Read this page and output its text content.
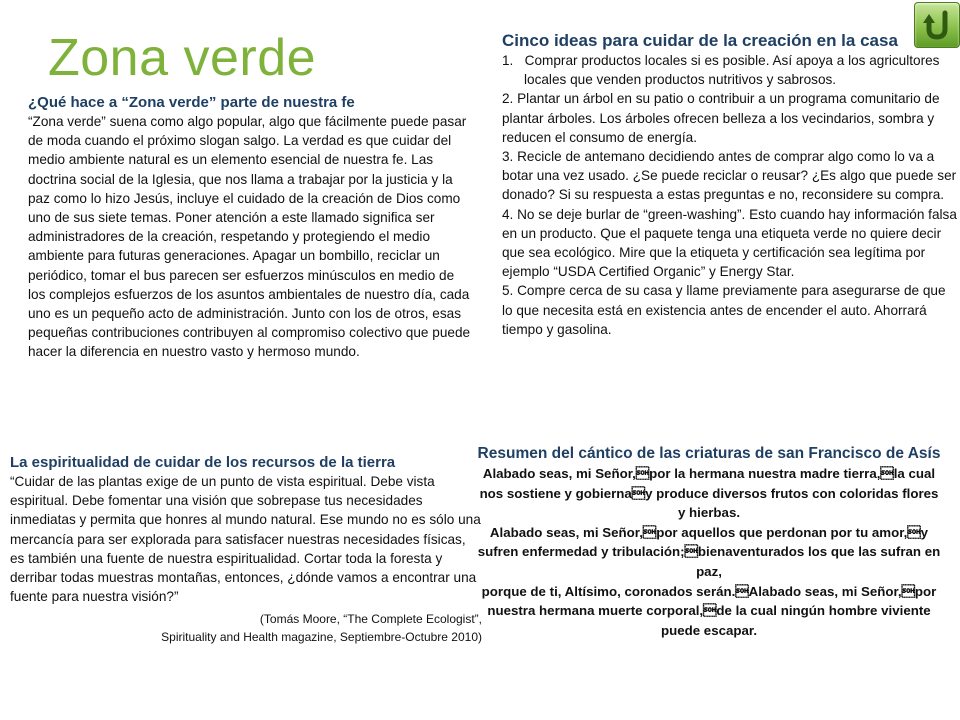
Zona verde
¿Qué hace a “Zona verde” parte de nuestra fe
“Zona verde” suena como algo popular, algo que fácilmente puede pasar de moda cuando el próximo slogan salgo. La verdad es que cuidar del medio ambiente natural es un elemento esencial de nuestra fe. Las doctrina social de la Iglesia, que nos llama a trabajar por la justicia y la paz como lo hizo Jesús, incluye el cuidado de la creación de Dios como uno de sus siete temas. Poner atención a este llamado significa ser administradores de la creación, respetando y protegiendo el medio ambiente para futuras generaciones. Apagar un bombillo, reciclar un periódico, tomar el bus parecen ser esfuerzos minúsculos en medio de los complejos esfuerzos de los asuntos ambientales de nuestro día, cada uno es un pequeño acto de administración. Junto con los de otros, esas pequeñas contribuciones contribuyen al compromiso colectivo que puede hacer la diferencia en nuestro vasto y hermoso mundo.
La espiritualidad de cuidar de los recursos de la tierra
“Cuidar de las plantas exige de un punto de vista espiritual. Debe vista espiritual. Debe fomentar una visión que sobrepase tus necesidades inmediatas y permita que honres al mundo natural. Ese mundo no es sólo una mercancía para ser explorada para satisfacer nuestras necesidades físicas, es también una fuente de nuestra espiritualidad. Cortar toda la foresta y derribar todas muestras montañas, entonces, ¿dónde vamos a encontrar una fuente para nuestra visión?”
(Tomás Moore, “The Complete Ecologist”,
Spirituality and Health magazine, Septiembre-Octubre 2010)
Cinco ideas para cuidar de la creación en la casa

1.   Comprar productos locales si es posible. Así apoya a los agricultores locales que venden productos nutritivos y sabrosos.

2. Plantar un árbol en su patio o contribuir a un programa comunitario de plantar árboles. Los árboles ofrecen belleza a los vecindarios, sombra y reducen el consumo de energía.

3. Recicle de antemano decidiendo antes de comprar algo como lo va a botar una vez usado. ¿Se puede reciclar o reusar? ¿Es algo que puede ser donado? Si su respuesta a estas preguntas e no, reconsidere su compra.

4. No se deje burlar de “green-washing”. Esto cuando hay información falsa en un producto. Que el paquete tenga una etiqueta verde no quiere decir que sea ecológico. Mire que la etiqueta y certificación sea legítima por ejemplo “USDA Certified Organic” y Energy Star.

5. Compre cerca de su casa y llame previamente para asegurarse de que lo que necesita está en existencia antes de encender el auto. Ahorrará tiempo y gasolina.

Resumen del cántico de las criaturas de san Francisco de Asís

Alabado seas, mi Señor,por la hermana nuestra madre tierra,la cual nos sostiene y gobiernay produce diversos frutos con coloridas flores y hierbas.

Alabado seas, mi Señor,por aquellos que perdonan por tu amor,y sufren enfermedad y tribulación;bienaventurados los que las sufran en paz,

porque de ti, Altísimo, coronados serán.Alabado seas, mi Señor,por nuestra hermana muerte corporal,de la cual ningún hombre viviente puede escapar.
